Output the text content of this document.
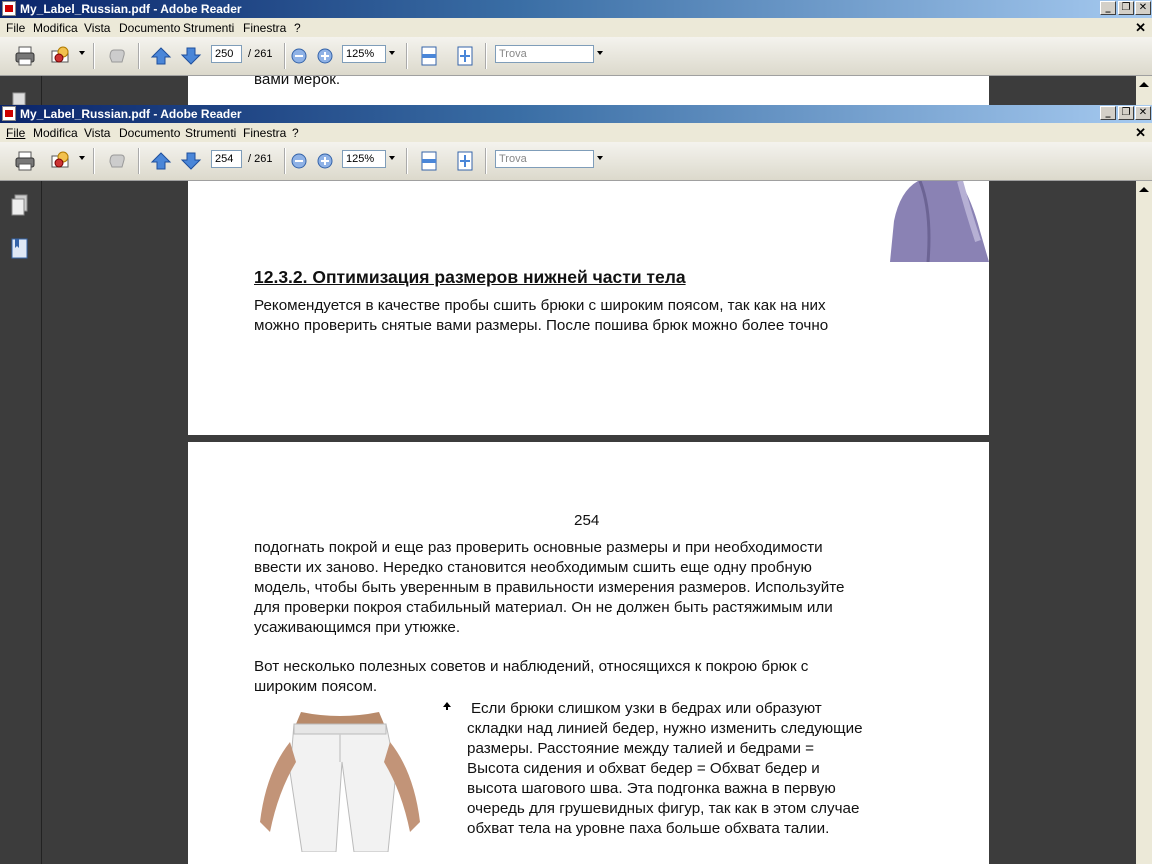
My_Label_Russian.pdf - Adobe Reader	_	❐ ✕
File Modifica Vista Documento Strumenti Finestra ?	✕
250	/ 261	125%	Trova
вами мерок.
My_Label_Russian.pdf - Adobe Reader	_	❐ ✕
File Modifica Vista Documento Strumenti Finestra ?	✕
254	/ 261	125%	Trova
12.3.2. Оптимизация размеров нижней части тела
Рекомендуется в качестве пробы сшить брюки с широким поясом, так как на них
можно проверить снятые вами размеры. После пошива брюк можно более точно
254
подогнать покрой и еще раз проверить основные размеры и при необходимости
ввести их заново. Нередко становится необходимым сшить еще одну пробную
модель, чтобы быть уверенным в правильности измерения размеров. Используйте
для проверки покроя стабильный материал. Он не должен быть растяжимым или
усаживающимся при утюжке.
Вот несколько полезных советов и наблюдений, относящихся к покрою брюк с
широким поясом.
Если брюки слишком узки в бедрах или образуют
складки над линией бедер, нужно изменить следующие
размеры. Расстояние между талией и бедрами =
Высота сидения и обхват бедер = Обхват бедер и
высота шагового шва. Эта подгонка важна в первую
очередь для грушевидных фигур, так как в этом случае
обхват тела на уровне паха больше обхвата талии.
